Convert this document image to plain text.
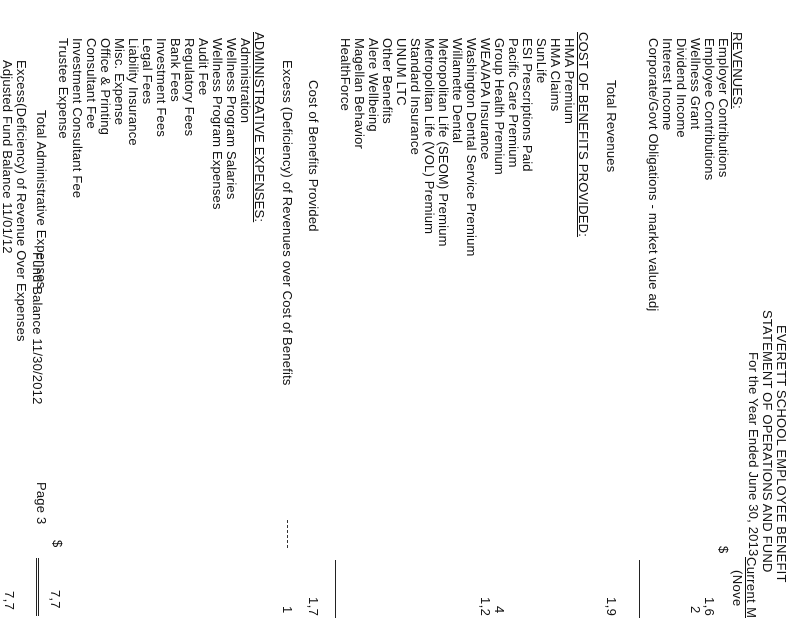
EVERETT SCHOOL EMPLOYEE BENEFIT
STATEMENT OF OPERATIONS AND FUND
For the Year Ended June 30, 2013
Current M
(Nove
REVENUES:
Employer Contributions
Employee Contributions
Wellness Grant
Dividend Income
Interest Income
Corporate/Govt Obligations - market value adj
$
1,6
2
Total Revenues
1,9
COST OF BENEFITS PROVIDED:
HMA Premium
HMA Claims
SunLife
ESI Prescriptions Paid
Pacific Care Premium
Group Health Premium
WEA/APA Insurance
Washington Dental Service Premium
Willamette Dental
Metropolitan Life (SEOM) Premium
Metropolitan Life (VOL) Premium
Standard Insurance
UNUM LTC
Other Benefits
Alere Wellbeing
Magellan Behavior
HealthForce
4
1,2
Cost of Benefits Provided
1,7
Excess (Deficiency) of Revenues over Cost of Benefits
1
ADMINISTRATIVE EXPENSES:
Administration
Wellness Program Salaries
Wellness Program Expenses
Audit Fee
Regulatory Fees
Bank Fees
Investment Fees
Legal Fees
Liability Insurance
Misc. Expense
Office & Printing
Consultant Fee
Investment Consultant Fee
Trustee Expense
Total Administrative Expenses
Excess(Deficiency) of Revenue Over Expenses
Adjusted Fund Balance 11/01/12
7,7
Fund Balance 11/30/2012
Page 3
$
7,7
